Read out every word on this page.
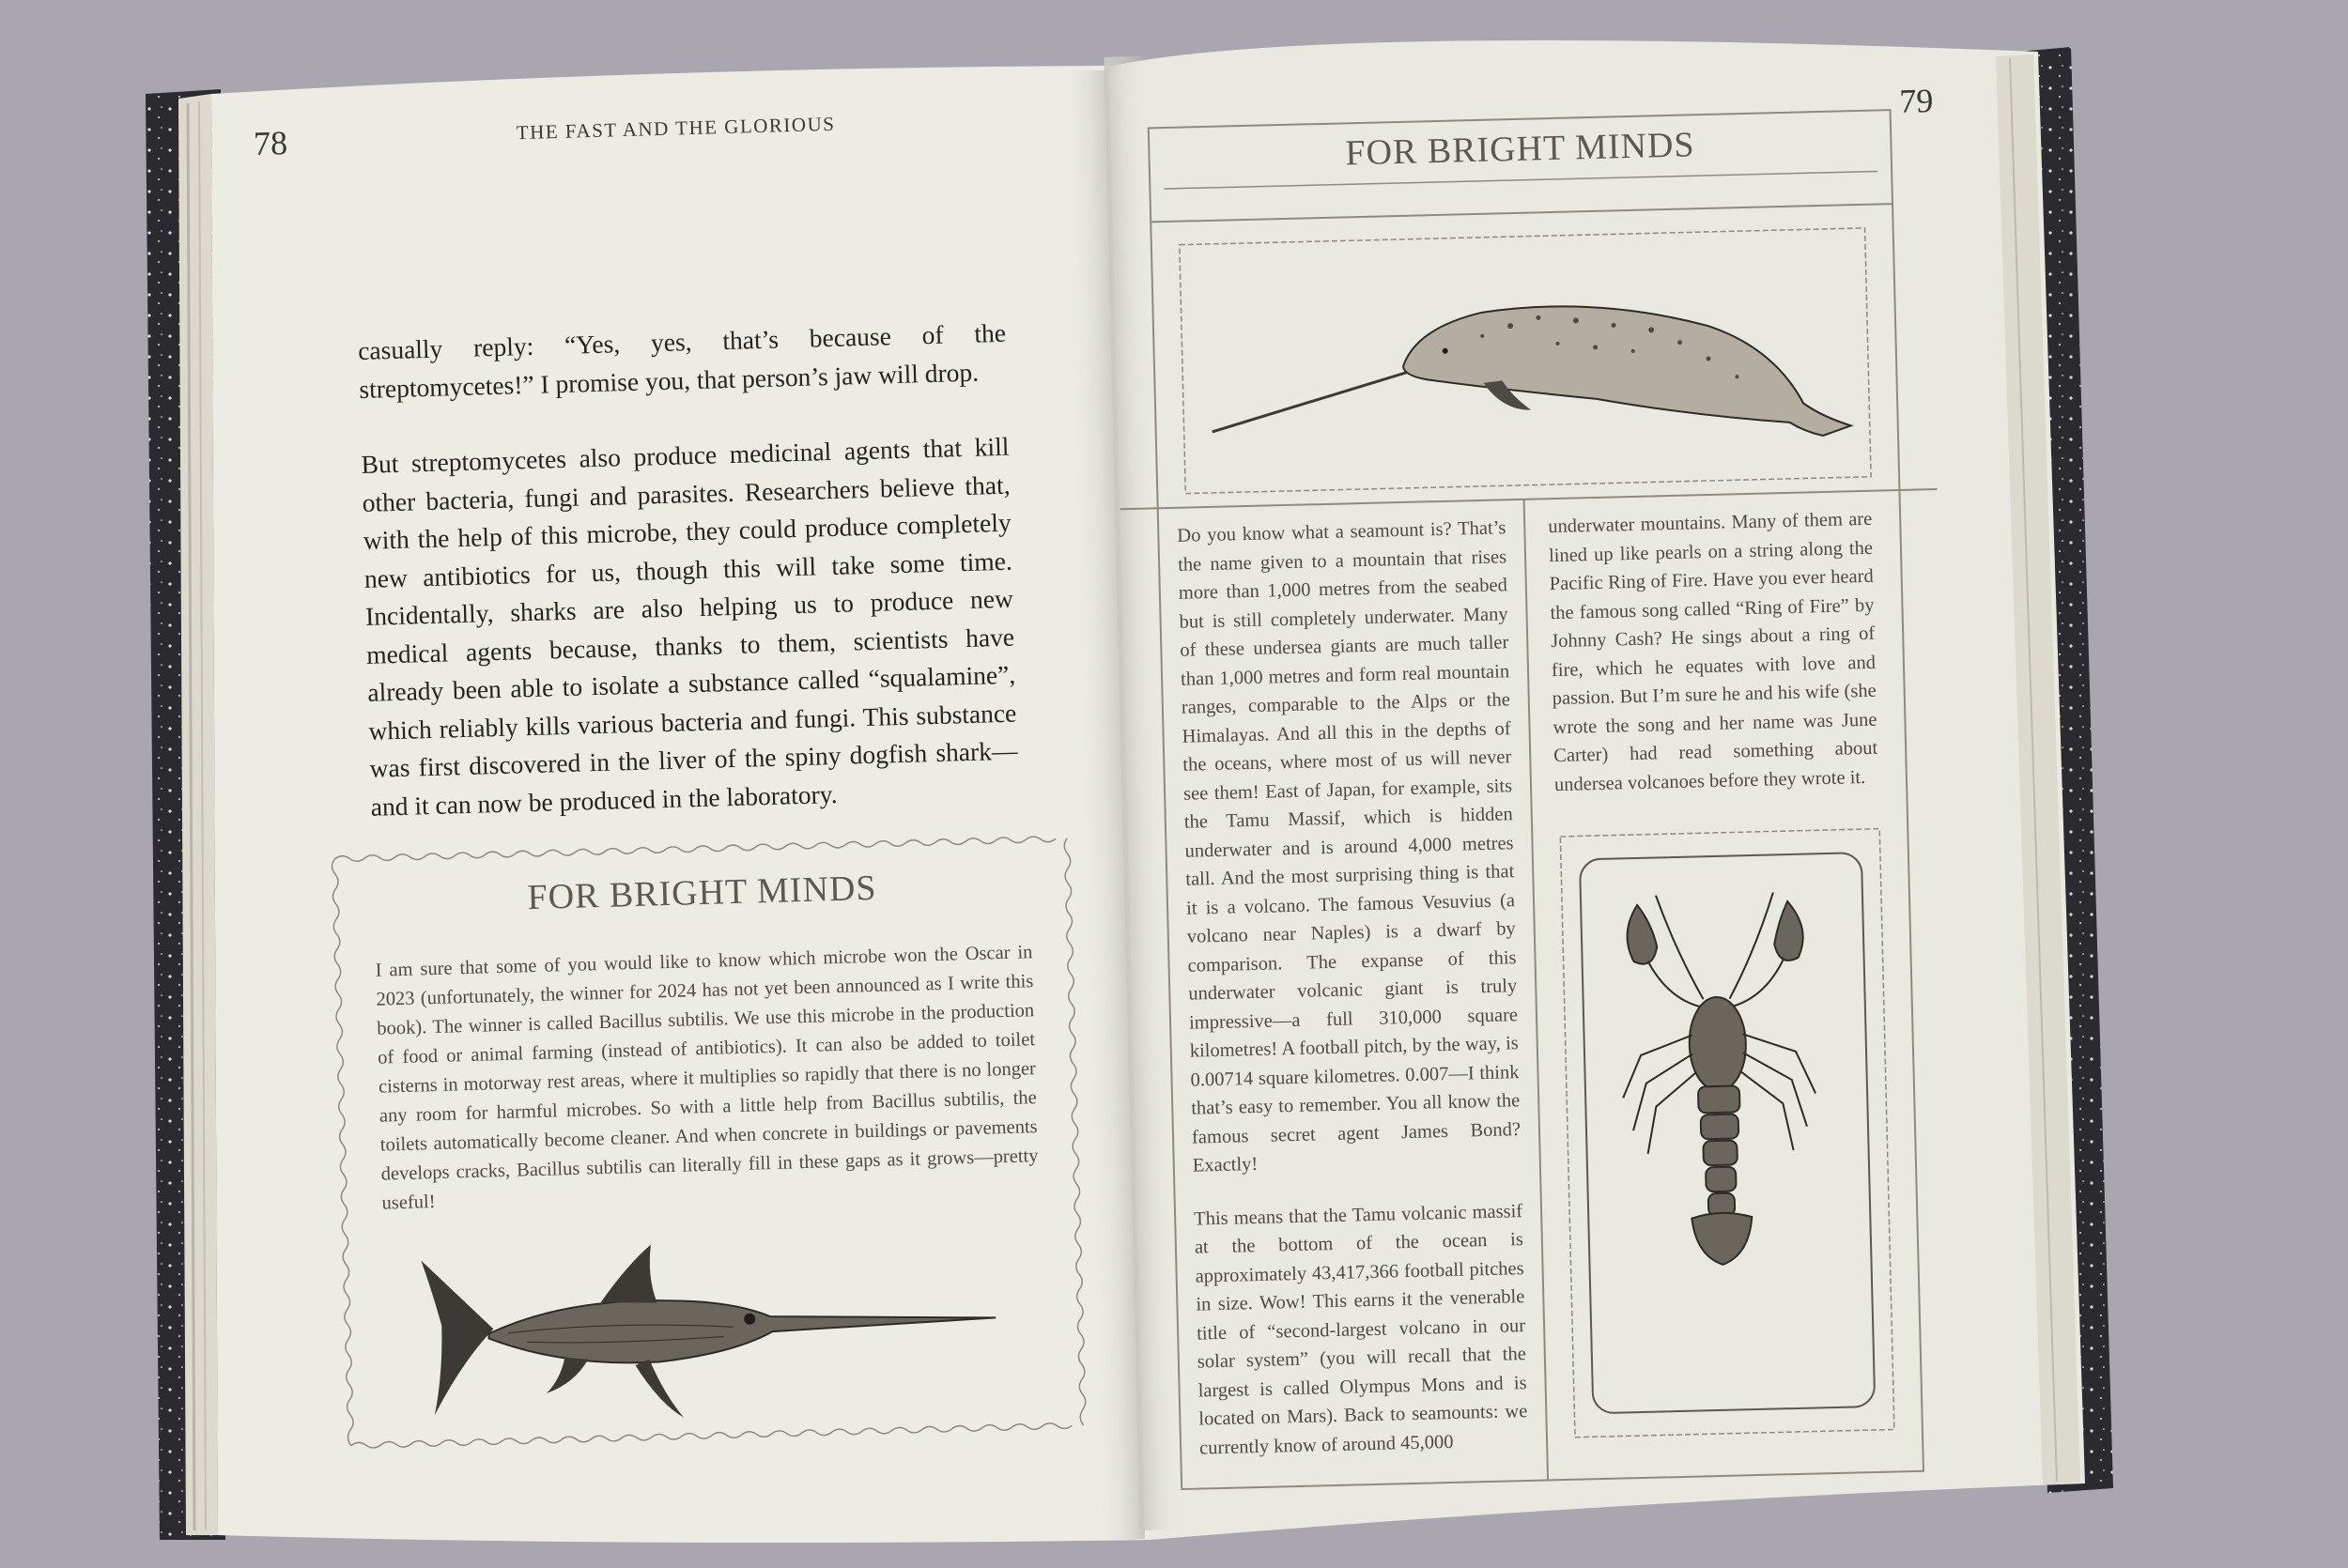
78	THE FAST AND THE GLORIOUS

casually reply: “Yes, yes, that’s because of the streptomycetes!” I promise you, that person’s jaw will drop.

But streptomycetes also produce medicinal agents that kill other bacteria, fungi and parasites. Researchers believe that, with the help of this microbe, they could produce completely new antibiotics for us, though this will take some time. Incidentally, sharks are also helping us to produce new medical agents because, thanks to them, scientists have already been able to isolate a substance called “squalamine”, which reliably kills various bacteria and fungi. This substance was first discovered in the liver of the spiny dogfish shark—and it can now be produced in the laboratory.

FOR BRIGHT MINDS
I am sure that some of you would like to know which microbe won the Oscar in 2023 (unfortunately, the winner for 2024 has not yet been announced as I write this book). The winner is called Bacillus subtilis. We use this microbe in the production of food or animal farming (instead of antibiotics). It can also be added to toilet cisterns in motorway rest areas, where it multiplies so rapidly that there is no longer any room for harmful microbes. So with a little help from Bacillus subtilis, the toilets automatically become cleaner. And when concrete in buildings or pavements develops cracks, Bacillus subtilis can literally fill in these gaps as it grows—pretty useful!
79
FOR BRIGHT MINDS

Do you know what a seamount is? That’s the name given to a mountain that rises more than 1,000 metres from the seabed but is still completely underwater. Many of these undersea giants are much taller than 1,000 metres and form real mountain ranges, comparable to the Alps or the Himalayas. And all this in the depths of the oceans, where most of us will never see them! East of Japan, for example, sits the Tamu Massif, which is hidden underwater and is around 4,000 metres tall. And the most surprising thing is that it is a volcano. The famous Vesuvius (a volcano near Naples) is a dwarf by comparison. The expanse of this underwater volcanic giant is truly impressive—a full 310,000 square kilometres! A football pitch, by the way, is 0.00714 square kilometres. 0.007—I think that’s easy to remember. You all know the famous secret agent James Bond? Exactly!

This means that the Tamu volcanic massif at the bottom of the ocean is approximately 43,417,366 football pitches in size. Wow! This earns it the venerable title of “second-largest volcano in our solar system” (you will recall that the largest is called Olympus Mons and is located on Mars). Back to seamounts: we currently know of around 45,000

underwater mountains. Many of them are lined up like pearls on a string along the Pacific Ring of Fire. Have you ever heard the famous song called “Ring of Fire” by Johnny Cash? He sings about a ring of fire, which he equates with love and passion. But I’m sure he and his wife (she wrote the song and her name was June Carter) had read something about undersea volcanoes before they wrote it.
